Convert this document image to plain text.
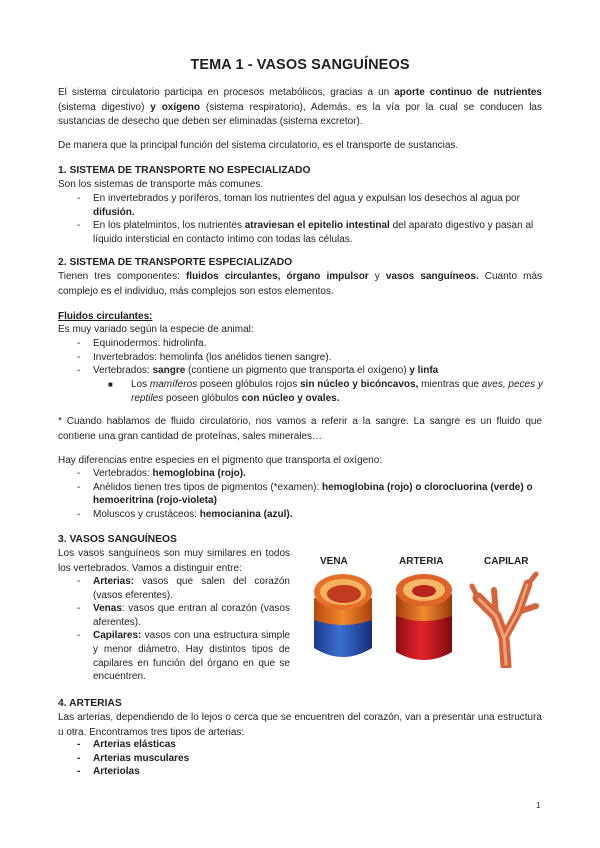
TEMA 1 - VASOS SANGUÍNEOS

El sistema circulatorio participa en procesos metabólicos, gracias a un aporte continuo de nutrientes (sistema digestivo) y oxígeno (sistema respiratorio), Además, es la vía por la cual se conducen las sustancias de desecho que deben ser eliminadas (sistema excretor).

De manera que la principal función del sistema circulatorio, es el transporte de sustancias.

1. SISTEMA DE TRANSPORTE NO ESPECIALIZADO

Son los sistemas de transporte más comunes.

- En invertebrados y poríferos, toman los nutrientes del agua y expulsan los desechos al agua por difusión.
- En los platelmintos, los nutrientes atraviesan el epitelio intestinal del aparato digestivo y pasan al líquido intersticial en contacto íntimo con todas las células.
2. SISTEMA DE TRANSPORTE ESPECIALIZADO

Tienen tres componentes: fluidos circulantes, órgano impulsor y vasos sanguíneos. Cuanto más complejo es el individuo, más complejos son estos elementos.

Fluidos circulantes:

Es muy variado según la especie de animal:

- Equinodermos: hidrolinfa.
- Invertebrados: hemolinfa (los anélidos tienen sangre).
- Vertebrados: sangre (contiene un pigmento que transporta el oxígeno) y linfa
■ Los mamíferos poseen glóbulos rojos sin núcleo y bicóncavos, mientras que aves, peces y reptiles poseen glóbulos con núcleo y ovales.

* Cuando hablamos de fluido circulatorio, nos vamos a referir a la sangre. La sangre es un fluido que contiene una gran cantidad de proteínas, sales minerales…

Hay diferencias entre especies en el pigmento que transporta el oxígeno:

- Vertebrados: hemoglobina (rojo).
- Anélidos tienen tres tipos de pigmentos (*examen): hemoglobina (rojo) o clorocluorina (verde) o hemoeritrina (rojo-violeta)
- Moluscos y crustáceos: hemocianina (azul).
3. VASOS SANGUÍNEOS

Los vasos sanguíneos son muy similares en todos los vertebrados. Vamos a distinguir entre:

- Arterias: vasos que salen del corazón (vasos eferentes).
- Venas: vasos que entran al corazón (vasos aferentes).
- Capilares: vasos con una estructura simple y menor diámetro. Hay distintos tipos de capilares en función del órgano en que se encuentren.
VENA	ARTERIA	CAPILAR
4. ARTERIAS

Las arterias, dependiendo de lo lejos o cerca que se encuentren del corazón, van a presentar una estructura u otra. Encontramos tres tipos de arterias:

- Arterias elásticas
- Arterias musculares
- Arteriolas
1
